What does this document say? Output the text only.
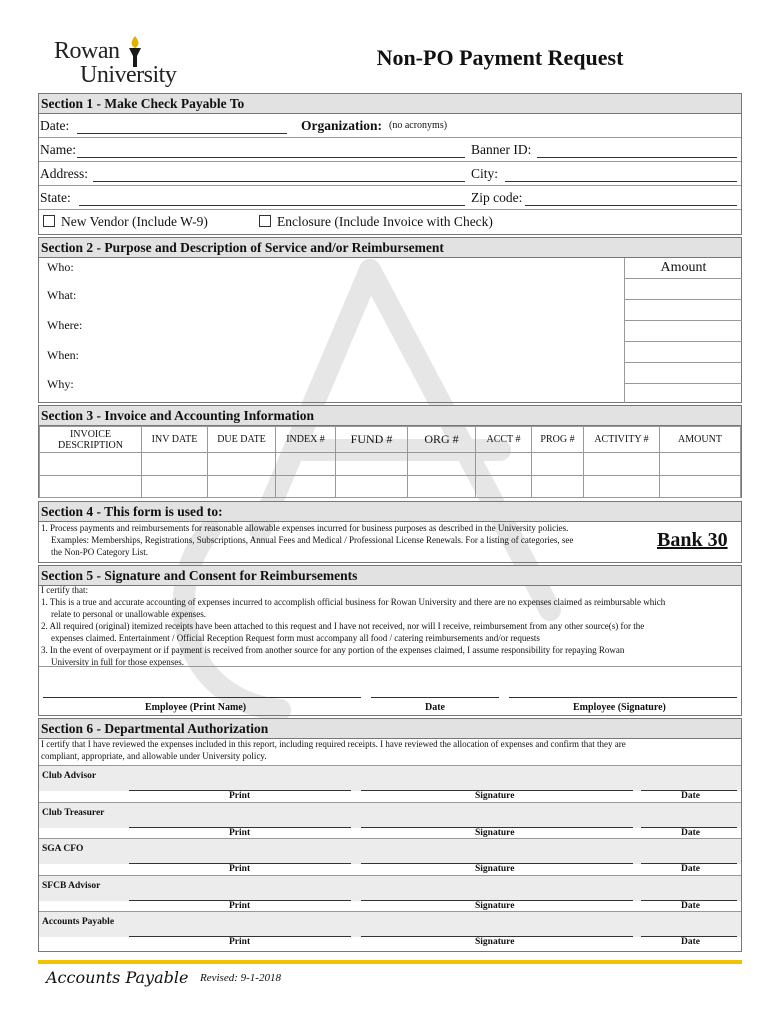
Rowan
University
Non-PO Payment Request
Section 1 - Make Check Payable To
Date:	Organization: (no acronyms)
Name:	Banner ID:
Address:	City:
State:	Zip code:
New Vendor (Include W-9)	Enclosure (Include Invoice with Check)
Section 2 - Purpose and Description of Service and/or Reimbursement
Amount
Who:
What:
Where:
When:
Why:
Section 3 - Invoice and Accounting Information
INVOICE DESCRIPTION	INV DATE	DUE DATE	INDEX #	FUND #	ORG #	ACCT #	PROG #	ACTIVITY #	AMOUNT

Section 4 - This form is used to:
1. Process payments and reimbursements for reasonable allowable expenses incurred for business purposes as described in the University policies.
Examples: Memberships, Registrations, Subscriptions, Annual Fees and Medical / Professional License Renewals. For a listing of categories, see
the Non-PO Category List.
Bank 30
Section 5 - Signature and Consent for Reimbursements
I certify that:
1. This is a true and accurate accounting of expenses incurred to accomplish official business for Rowan University and there are no expenses claimed as reimbursable which
relate to personal or unallowable expenses.
2. All required (original) itemized receipts have been attached to this request and I have not received, nor will I receive, reimbursement from any other source(s) for the
expenses claimed. Entertainment / Official Reception Request form must accompany all food / catering reimbursements and/or requests
3. In the event of overpayment or if payment is received from another source for any portion of the expenses claimed, I assume responsibility for repaying Rowan
University in full for those expenses.
Employee (Print Name)	Date	Employee (Signature)
Section 6 - Departmental Authorization
I certify that I have reviewed the expenses included in this report, including required receipts. I have reviewed the allocation of expenses and confirm that they are
compliant, appropriate, and allowable under University policy.
Club Advisor
Print	Signature	Date
Club Treasurer
Print	Signature	Date
SGA CFO
Print	Signature	Date
SFCB Advisor
Print	Signature	Date
Accounts Payable
Print	Signature	Date
Accounts Payable Revised: 9-1-2018
